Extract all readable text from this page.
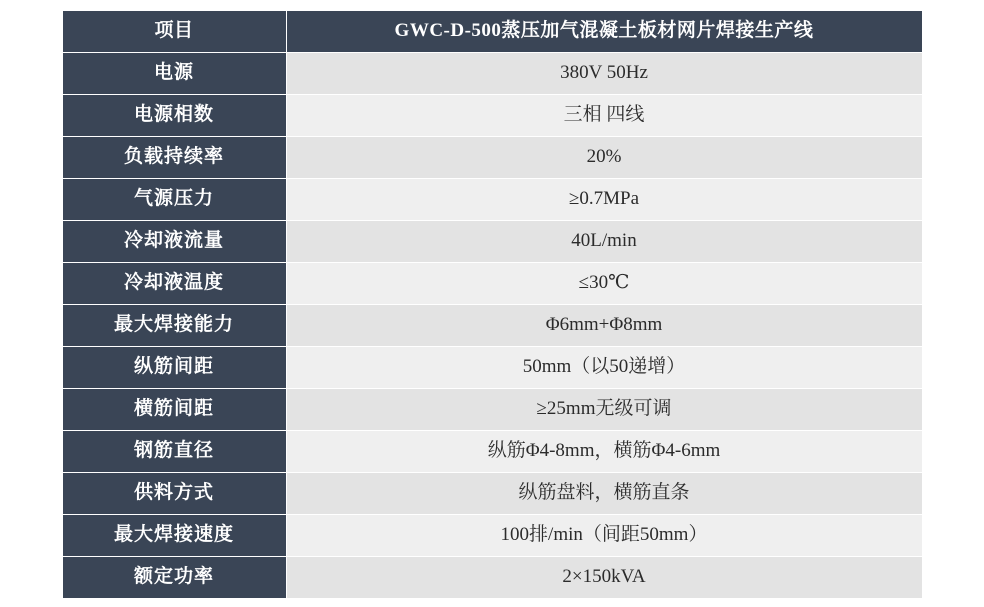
项目	GWC-D-500蒸压加气混凝土板材网片焊接生产线
电源	380V 50Hz
电源相数	三相 四线
负载持续率	20%
气源压力	≥0.7MPa
冷却液流量	40L/min
冷却液温度	≤30℃
最大焊接能力	Φ6mm+Φ8mm
纵筋间距	50mm（以50递增）
横筋间距	≥25mm无级可调
钢筋直径	纵筋Φ4-8mm，横筋Φ4-6mm
供料方式	纵筋盘料，横筋直条
最大焊接速度	100排/min（间距50mm）
额定功率	2×150kVA
